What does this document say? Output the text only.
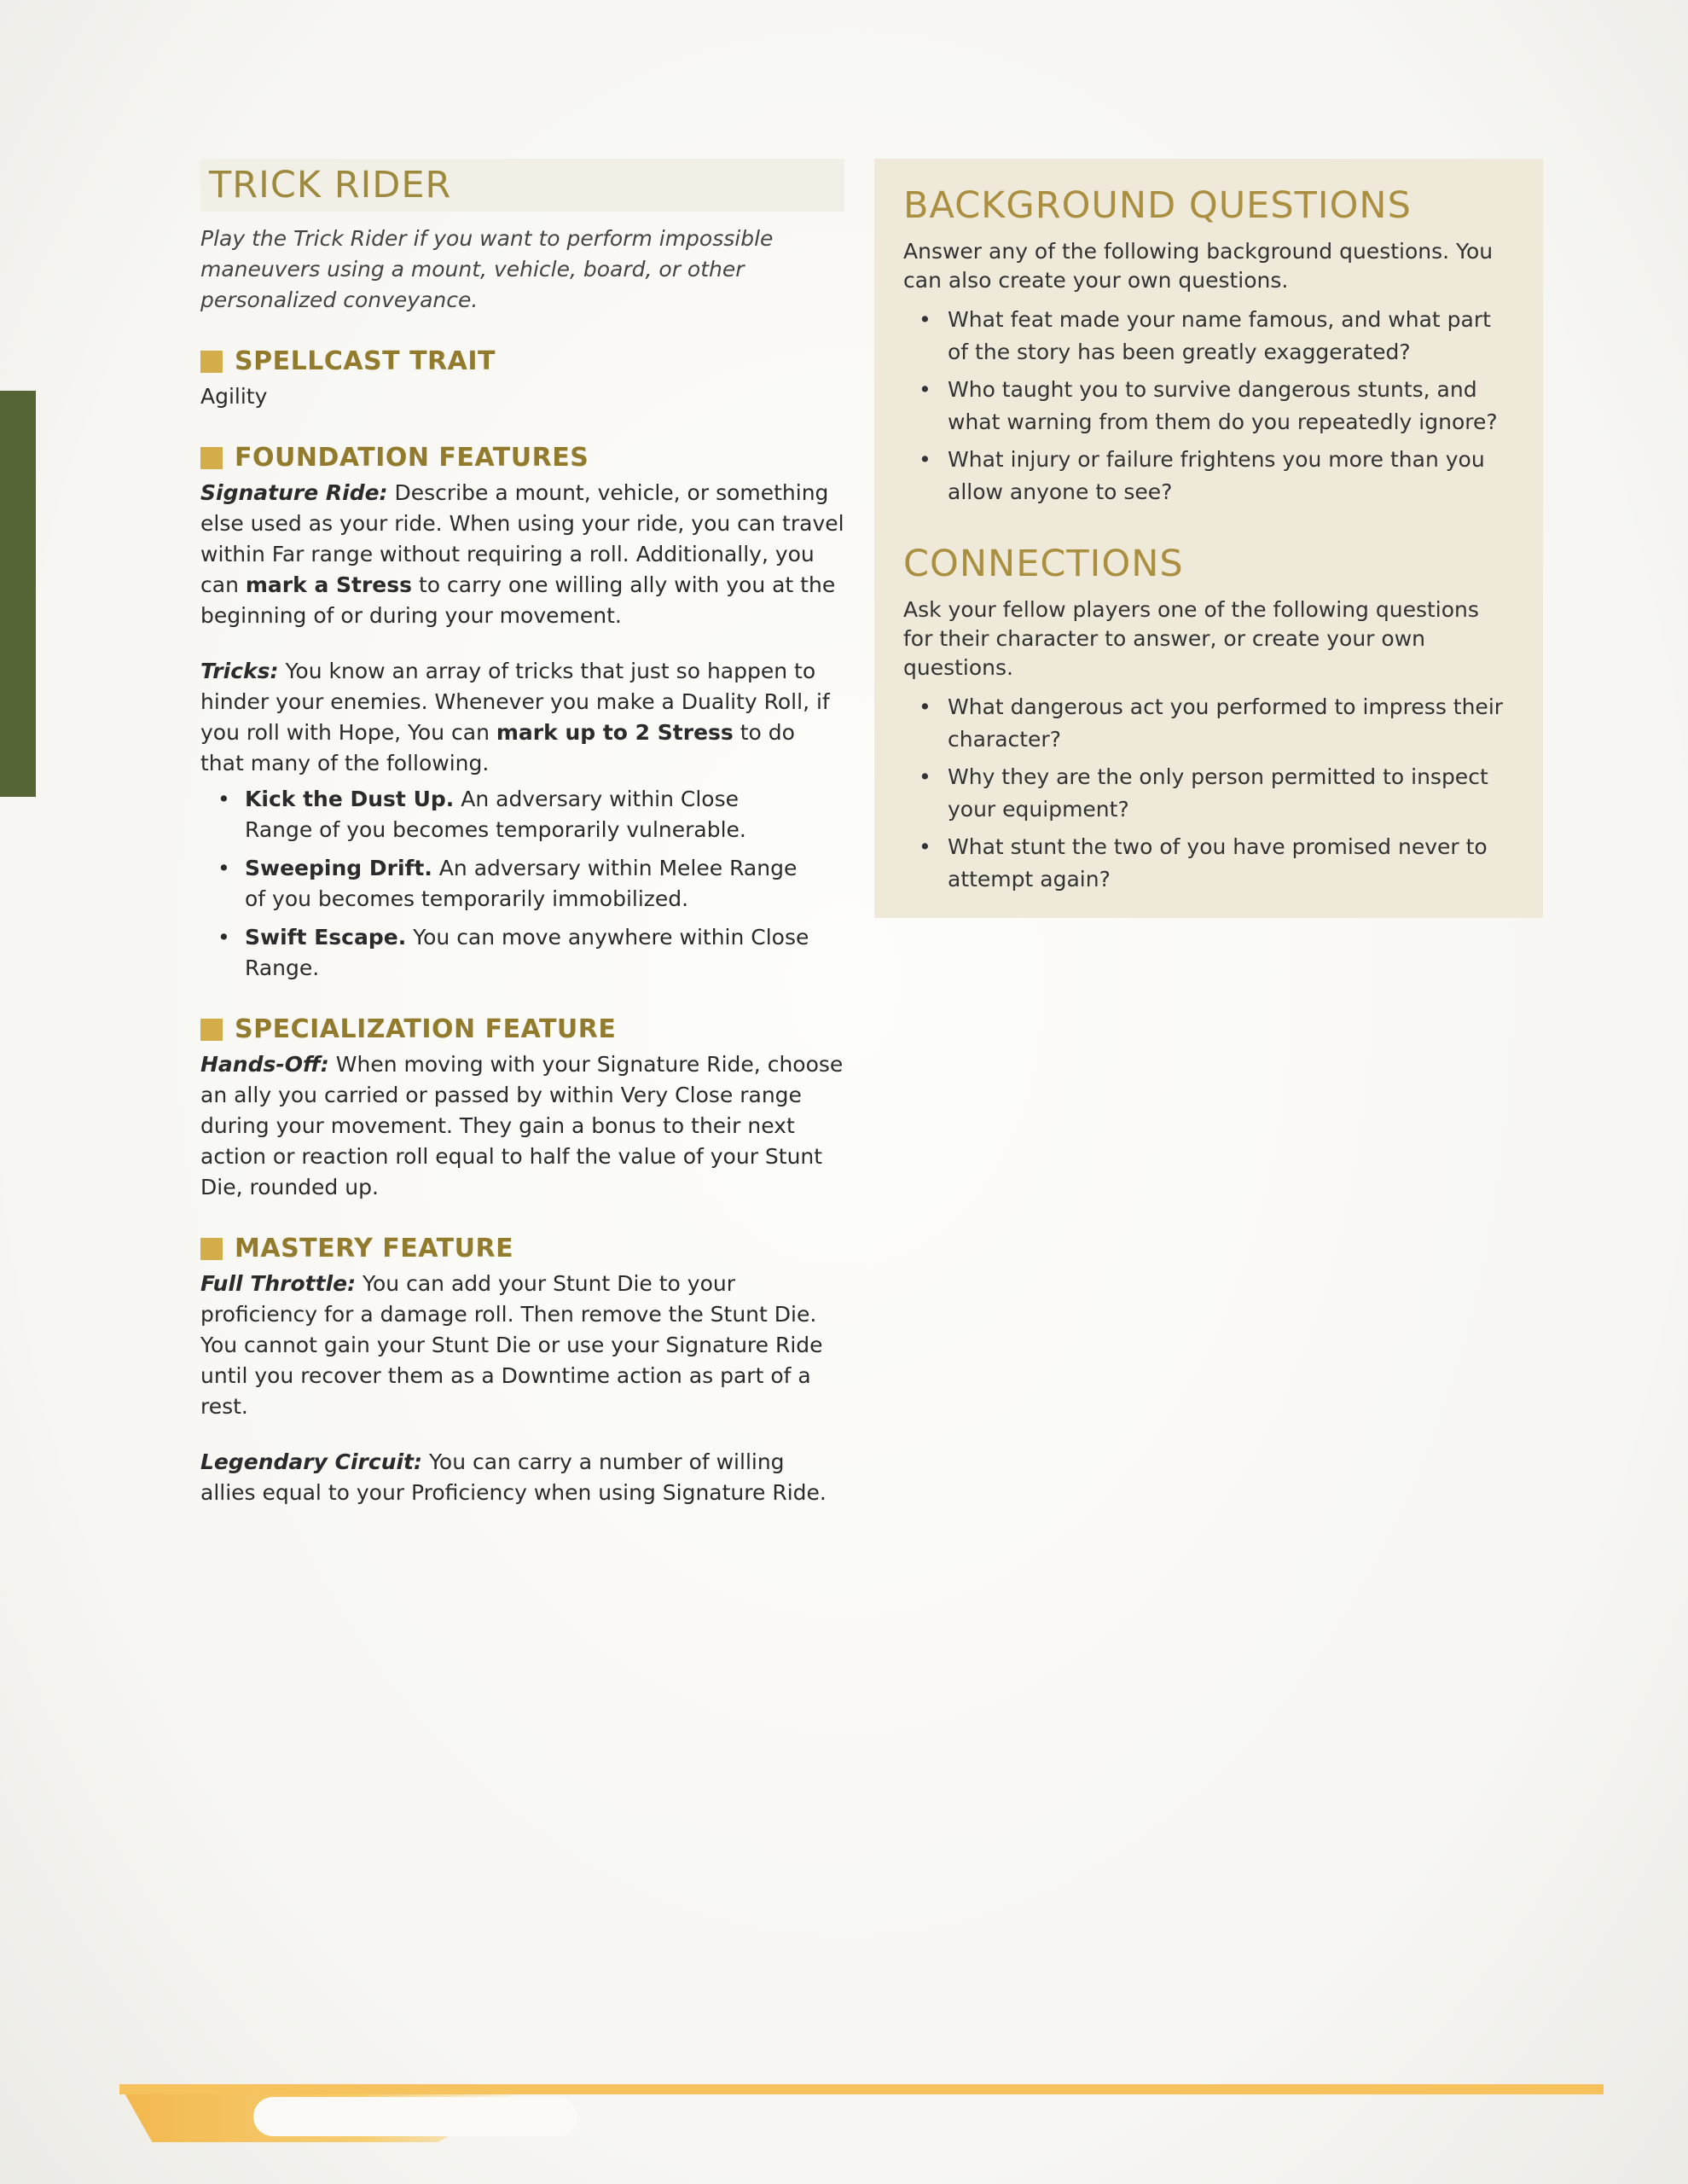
TRICK RIDER

Play the Trick Rider if you want to perform impossible maneuvers using a mount, vehicle, board, or other personalized conveyance.

SPELLCAST TRAIT

Agility

FOUNDATION FEATURES

Signature Ride: Describe a mount, vehicle, or something else used as your ride. When using your ride, you can travel within Far range without requiring a roll. Additionally, you can mark a Stress to carry one willing ally with you at the beginning of or during your movement.

Tricks: You know an array of tricks that just so happen to hinder your enemies. Whenever you make a Duality Roll, if you roll with Hope, You can mark up to 2 Stress to do that many of the following.

• Kick the Dust Up. An adversary within Close Range of you becomes temporarily vulnerable.
• Sweeping Drift. An adversary within Melee Range of you becomes temporarily immobilized.
• Swift Escape. You can move anywhere within Close Range.
SPECIALIZATION FEATURE

Hands-Off: When moving with your Signature Ride, choose an ally you carried or passed by within Very Close range during your movement. They gain a bonus to their next action or reaction roll equal to half the value of your Stunt Die, rounded up.

MASTERY FEATURE

Full Throttle: You can add your Stunt Die to your proficiency for a damage roll. Then remove the Stunt Die. You cannot gain your Stunt Die or use your Signature Ride until you recover them as a Downtime action as part of a rest.

Legendary Circuit: You can carry a number of willing allies equal to your Proficiency when using Signature Ride.

BACKGROUND QUESTIONS

Answer any of the following background questions. You can also create your own questions.

• What feat made your name famous, and what part of the story has been greatly exaggerated?
• Who taught you to survive dangerous stunts, and what warning from them do you repeatedly ignore?
• What injury or failure frightens you more than you allow anyone to see?
CONNECTIONS

Ask your fellow players one of the following questions for their character to answer, or create your own questions.

• What dangerous act you performed to impress their character?
• Why they are the only person permitted to inspect your equipment?
• What stunt the two of you have promised never to attempt again?
